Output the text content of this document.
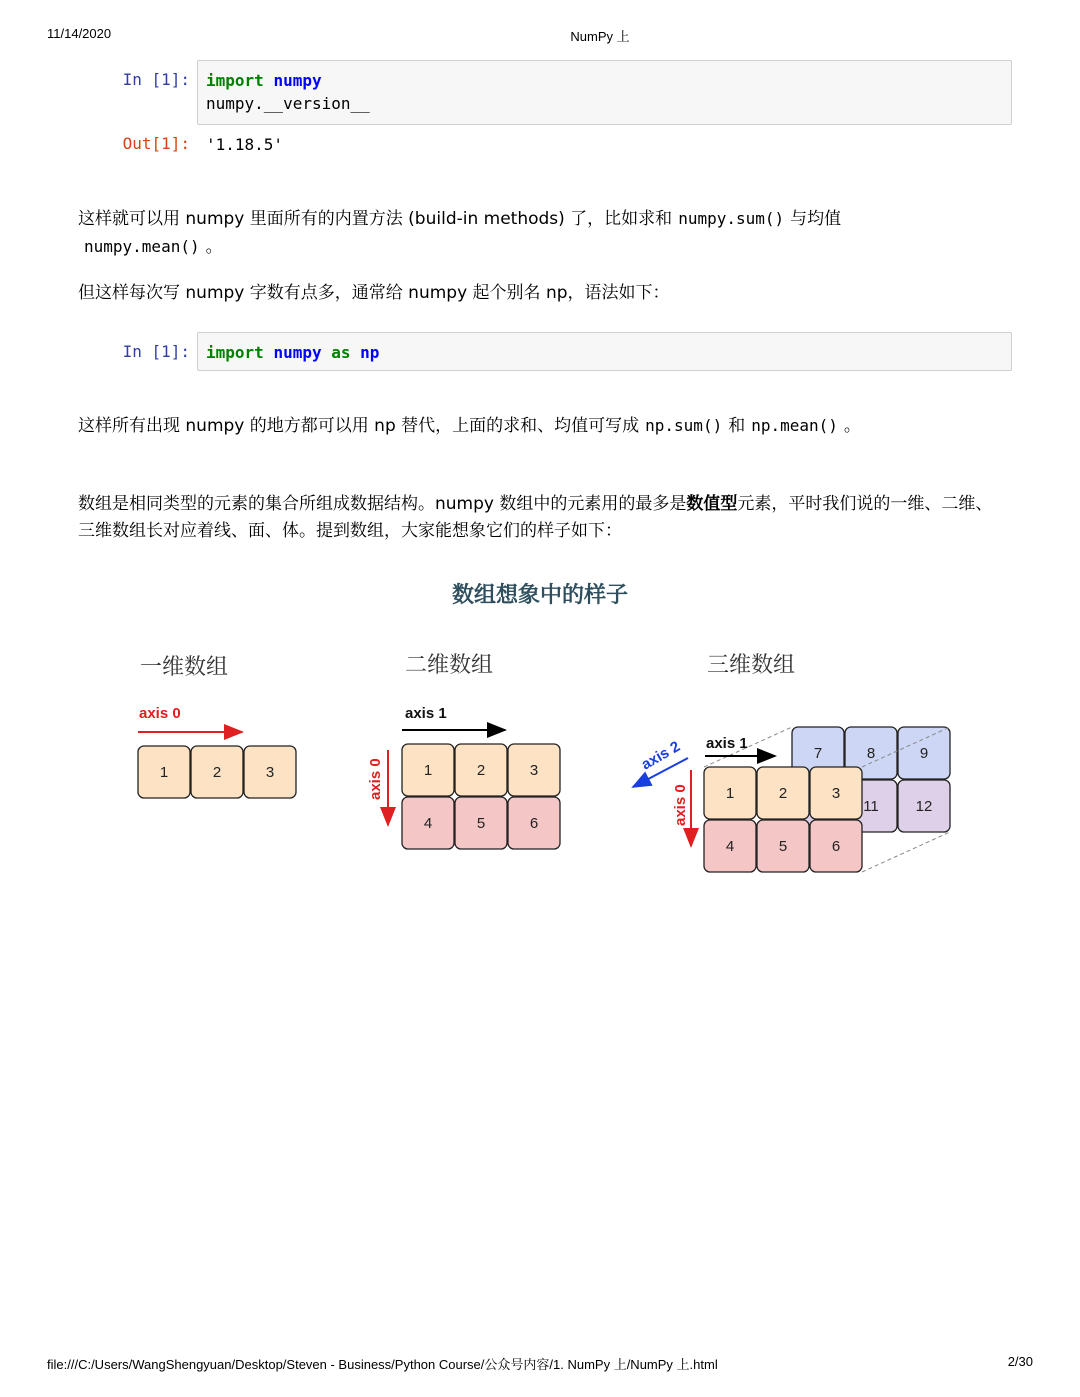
11/14/2020	NumPy 上
In [1]: import numpy
numpy.__version__
Out[1]: '1.18.5'
这样就可以用 numpy 里面所有的内置方法 (build-in methods) 了，比如求和 numpy.sum() 与均值
numpy.mean() 。
但这样每次写 numpy 字数有点多，通常给 numpy 起个别名 np，语法如下：
In [1]: import numpy as np
这样所有出现 numpy 的地方都可以用 np 替代，上面的求和、均值可写成 np.sum() 和 np.mean() 。
数组是相同类型的元素的集合所组成数据结构。numpy 数组中的元素用的最多是数值型元素，平时我们说的一维、二维、三维数组长对应着线、面、体。提到数组，大家能想象它们的样子如下：
数组想象中的样子
一维数组
axis 0
1	2	3
二维数组
axis 1
axis 0	1	2	3
4	5	6
三维数组
7	8	9
11 12
1	2	3
4	5	6
axis 1
axis 2
axis 0
file:///C:/Users/WangShengyuan/Desktop/Steven - Business/Python Course/公众号内容/1. NumPy 上/NumPy 上.html	2/30
